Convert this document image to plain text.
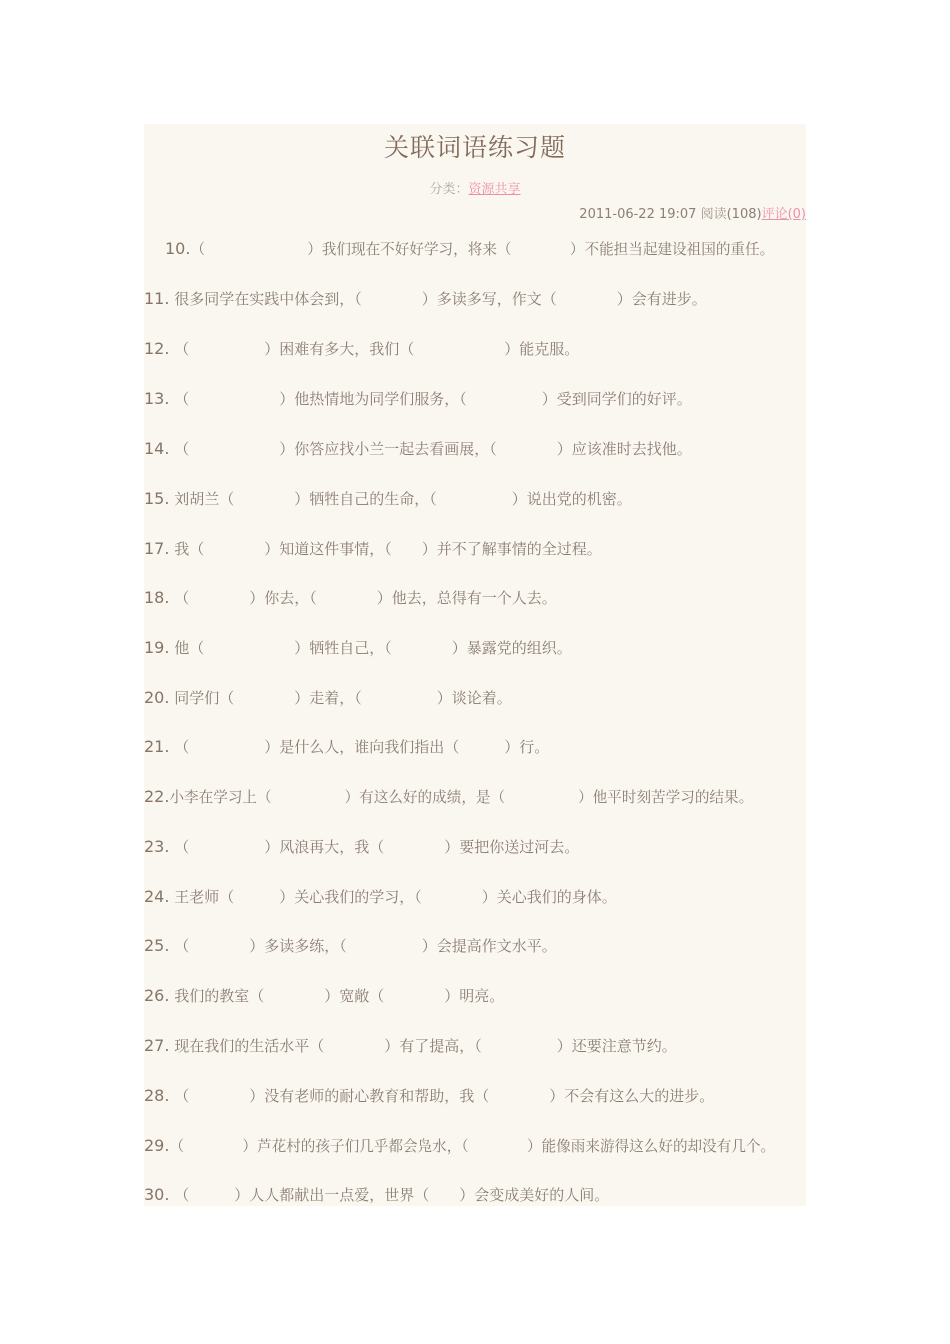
关联词语练习题
分类：资源共享
2011-06-22 19:07 阅读(108)评论(0)
10.（　　　　　　　）我们现在不好好学习，将来（　　　　）不能担当起建设祖国的重任。
11. 很多同学在实践中体会到，（　　　　）多读多写，作文（　　　　）会有进步。
12. （　　　　　）困难有多大，我们（　　　　　　）能克服。
13. （　　　　　　）他热情地为同学们服务，（　　　　　）受到同学们的好评。
14. （　　　　　　）你答应找小兰一起去看画展，（　　　　）应该准时去找他。
15. 刘胡兰（　　　　）牺牲自己的生命，（　　　　　）说出党的机密。
17. 我（　　　　）知道这件事情，（　　）并不了解事情的全过程。
18. （　　　　）你去，（　　　　）他去，总得有一个人去。
19. 他（　　　　　　）牺牲自己，（　　　　）暴露党的组织。
20. 同学们（　　　　）走着，（　　　　　）谈论着。
21. （　　　　　）是什么人，谁向我们指出（　　　）行。
22.小李在学习上（　　　　　）有这么好的成绩，是（　　　　　）他平时刻苦学习的结果。
23. （　　　　　）风浪再大，我（　　　　）要把你送过河去。
24. 王老师（　　　）关心我们的学习，（　　　　）关心我们的身体。
25. （　　　　）多读多练，（　　　　　）会提高作文水平。
26. 我们的教室（　　　　）宽敞（　　　　）明亮。
27. 现在我们的生活水平（　　　　）有了提高，（　　　　　）还要注意节约。
28. （　　　　）没有老师的耐心教育和帮助，我（　　　　）不会有这么大的进步。
29.（　　　　）芦花村的孩子们几乎都会凫水，（　　　　）能像雨来游得这么好的却没有几个。
30. （　　　）人人都献出一点爱，世界（　　）会变成美好的人间。
